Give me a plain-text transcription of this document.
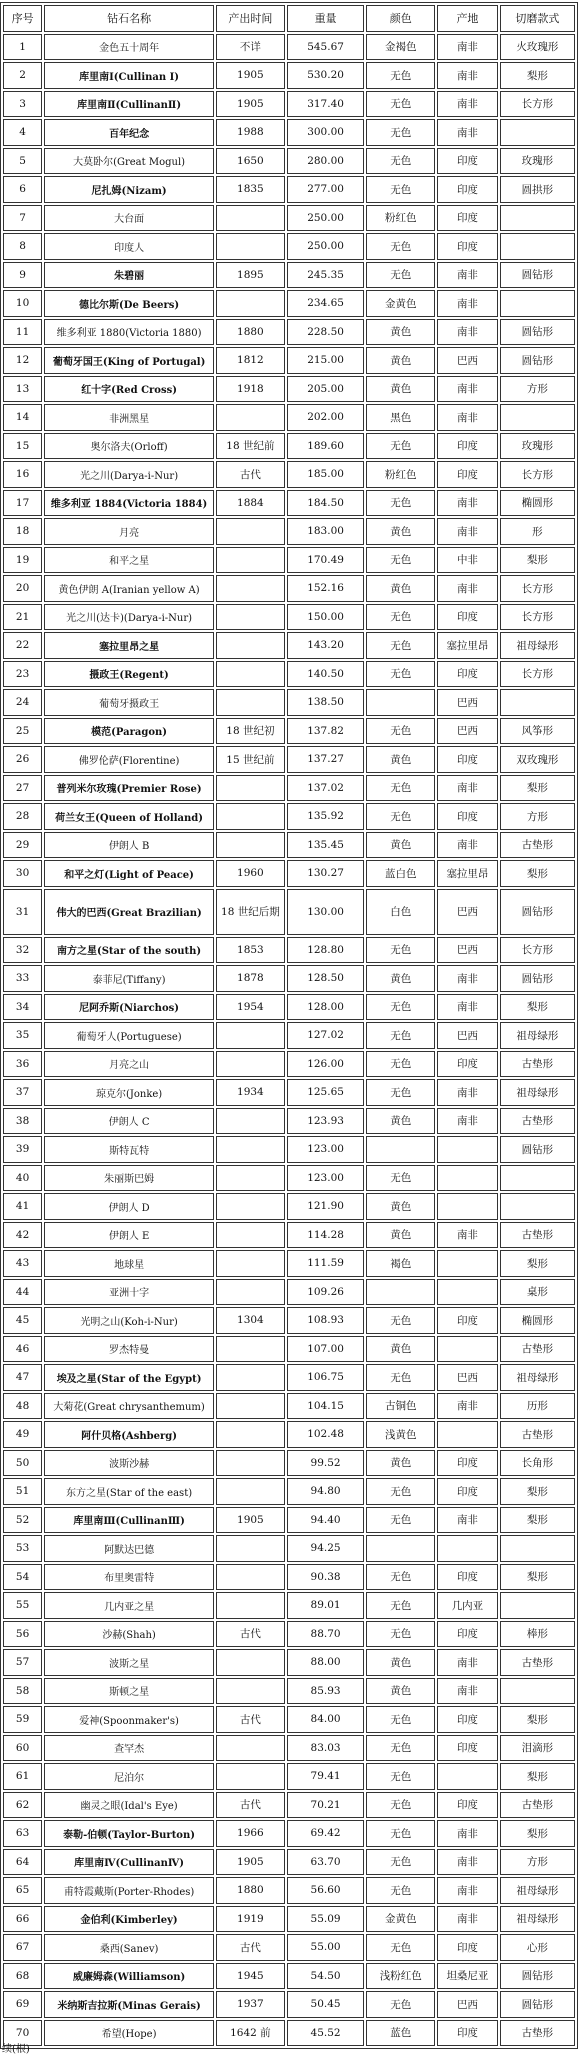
序号	钻石名称	产出时间	重量	颜色	产地	切磨款式
1	金色五十周年	不详	545.67	金褐色	南非	火玫瑰形
2	库里南Ⅰ(Cullinan Ⅰ)	1905	530.20	无色	南非	梨形
3	库里南Ⅱ(CullinanⅡ)	1905	317.40	无色	南非	长方形
4	百年纪念	1988	300.00	无色	南非	
5	大莫卧尔(Great Mogul)	1650	280.00	无色	印度	玫瑰形
6	尼扎姆(Nizam)	1835	277.00	无色	印度	圆拱形
7	大台面		250.00	粉红色	印度	
8	印度人		250.00	无色	印度	
9	朱碧丽	1895	245.35	无色	南非	圆钻形
10	德比尔斯(De Beers)		234.65	金黄色	南非	
11	维多利亚 1880(Victoria 1880)	1880	228.50	黄色	南非	圆钻形
12	葡萄牙国王(King of Portugal)	1812	215.00	黄色	巴西	圆钻形
13	红十字(Red Cross)	1918	205.00	黄色	南非	方形
14	非洲黑星		202.00	黑色	南非	
15	奥尔洛夫(Orloff)	18 世纪前	189.60	无色	印度	玫瑰形
16	光之川(Darya-i-Nur)	古代	185.00	粉红色	印度	长方形
17	维多利亚 1884(Victoria 1884)	1884	184.50	无色	南非	椭圆形
18	月亮		183.00	黄色	南非	形
19	和平之星		170.49	无色	中非	梨形
20	黄色伊朗 A(Iranian yellow A)		152.16	黄色	南非	长方形
21	光之川(达卡)(Darya-i-Nur)		150.00	无色	印度	长方形
22	塞拉里昂之星		143.20	无色	塞拉里昂	祖母绿形
23	摄政王(Regent)		140.50	无色	印度	长方形
24	葡萄牙摄政王		138.50		巴西	
25	模范(Paragon)	18 世纪初	137.82	无色	巴西	风筝形
26	佛罗伦萨(Florentine)	15 世纪前	137.27	黄色	印度	双玫瑰形
27	普列米尔玫瑰(Premier Rose)		137.02	无色	南非	梨形
28	荷兰女王(Queen of Holland)		135.92	无色	印度	方形
29	伊朗人 B		135.45	黄色	南非	古垫形
30	和平之灯(Light of Peace)	1960	130.27	蓝白色	塞拉里昂	梨形
31	伟大的巴西(Great Brazilian)	18 世纪后期	130.00	白色	巴西	圆钻形
32	南方之星(Star of the south)	1853	128.80	无色	巴西	长方形
33	泰菲尼(Tiffany)	1878	128.50	黄色	南非	圆钻形
34	尼阿乔斯(Niarchos)	1954	128.00	无色	南非	梨形
35	葡萄牙人(Portuguese)		127.02	无色	巴西	祖母绿形
36	月亮之山		126.00	无色	印度	古垫形
37	琼克尔(Jonke)	1934	125.65	无色	南非	祖母绿形
38	伊朗人 C		123.93	黄色	南非	古垫形
39	斯特瓦特		123.00			圆钻形
40	朱丽斯巴姆		123.00	无色		
41	伊朗人 D		121.90	黄色		
42	伊朗人 E		114.28	黄色	南非	古垫形
43	地球星		111.59	褐色		梨形
44	亚洲十字		109.26			桌形
45	光明之山(Koh-i-Nur)	1304	108.93	无色	印度	椭圆形
46	罗杰特曼		107.00	黄色		古垫形
47	埃及之星(Star of the Egypt)		106.75	无色	巴西	祖母绿形
48	大菊花(Great chrysanthemum)		104.15	古铜色	南非	历形
49	阿什贝格(Ashberg)		102.48	浅黄色		古垫形
50	波斯沙赫		99.52	黄色	印度	长角形
51	东方之星(Star of the east)		94.80	无色	印度	梨形
52	库里南Ⅲ(CullinanⅢ)	1905	94.40	无色	南非	梨形
53	阿默达巴德		94.25			
54	布里奥雷特		90.38	无色	印度	梨形
55	几内亚之星		89.01	无色	几内亚	
56	沙赫(Shah)	古代	88.70	无色	印度	棒形
57	波斯之星		88.00	黄色	南非	古垫形
58	斯顿之星		85.93	黄色	南非	
59	爱神(Spoonmaker's)	古代	84.00	无色	印度	梨形
60	查罕杰		83.03	无色	印度	泪滴形
61	尼泊尔		79.41	无色		梨形
62	幽灵之眼(Idal's Eye)	古代	70.21	无色	印度	古垫形
63	泰勒-伯顿(Taylor-Burton)	1966	69.42	无色	南非	梨形
64	库里南Ⅳ(CullinanⅣ)	1905	63.70	无色	南非	方形
65	甫特霞戴斯(Porter-Rhodes)	1880	56.60	无色	南非	祖母绿形
66	金伯利(Kimberley)	1919	55.09	金黄色	南非	祖母绿形
67	桑西(Sanev)	古代	55.00	无色	印度	心形
68	威廉姆森(Williamson)	1945	54.50	浅粉红色	坦桑尼亚	圆钻形
69	米纳斯吉拉斯(Minas Gerais)	1937	50.45	无色	巴西	圆钻形
70	希望(Hope)	1642 前	45.52	蓝色	印度	古垫形
续(根)
